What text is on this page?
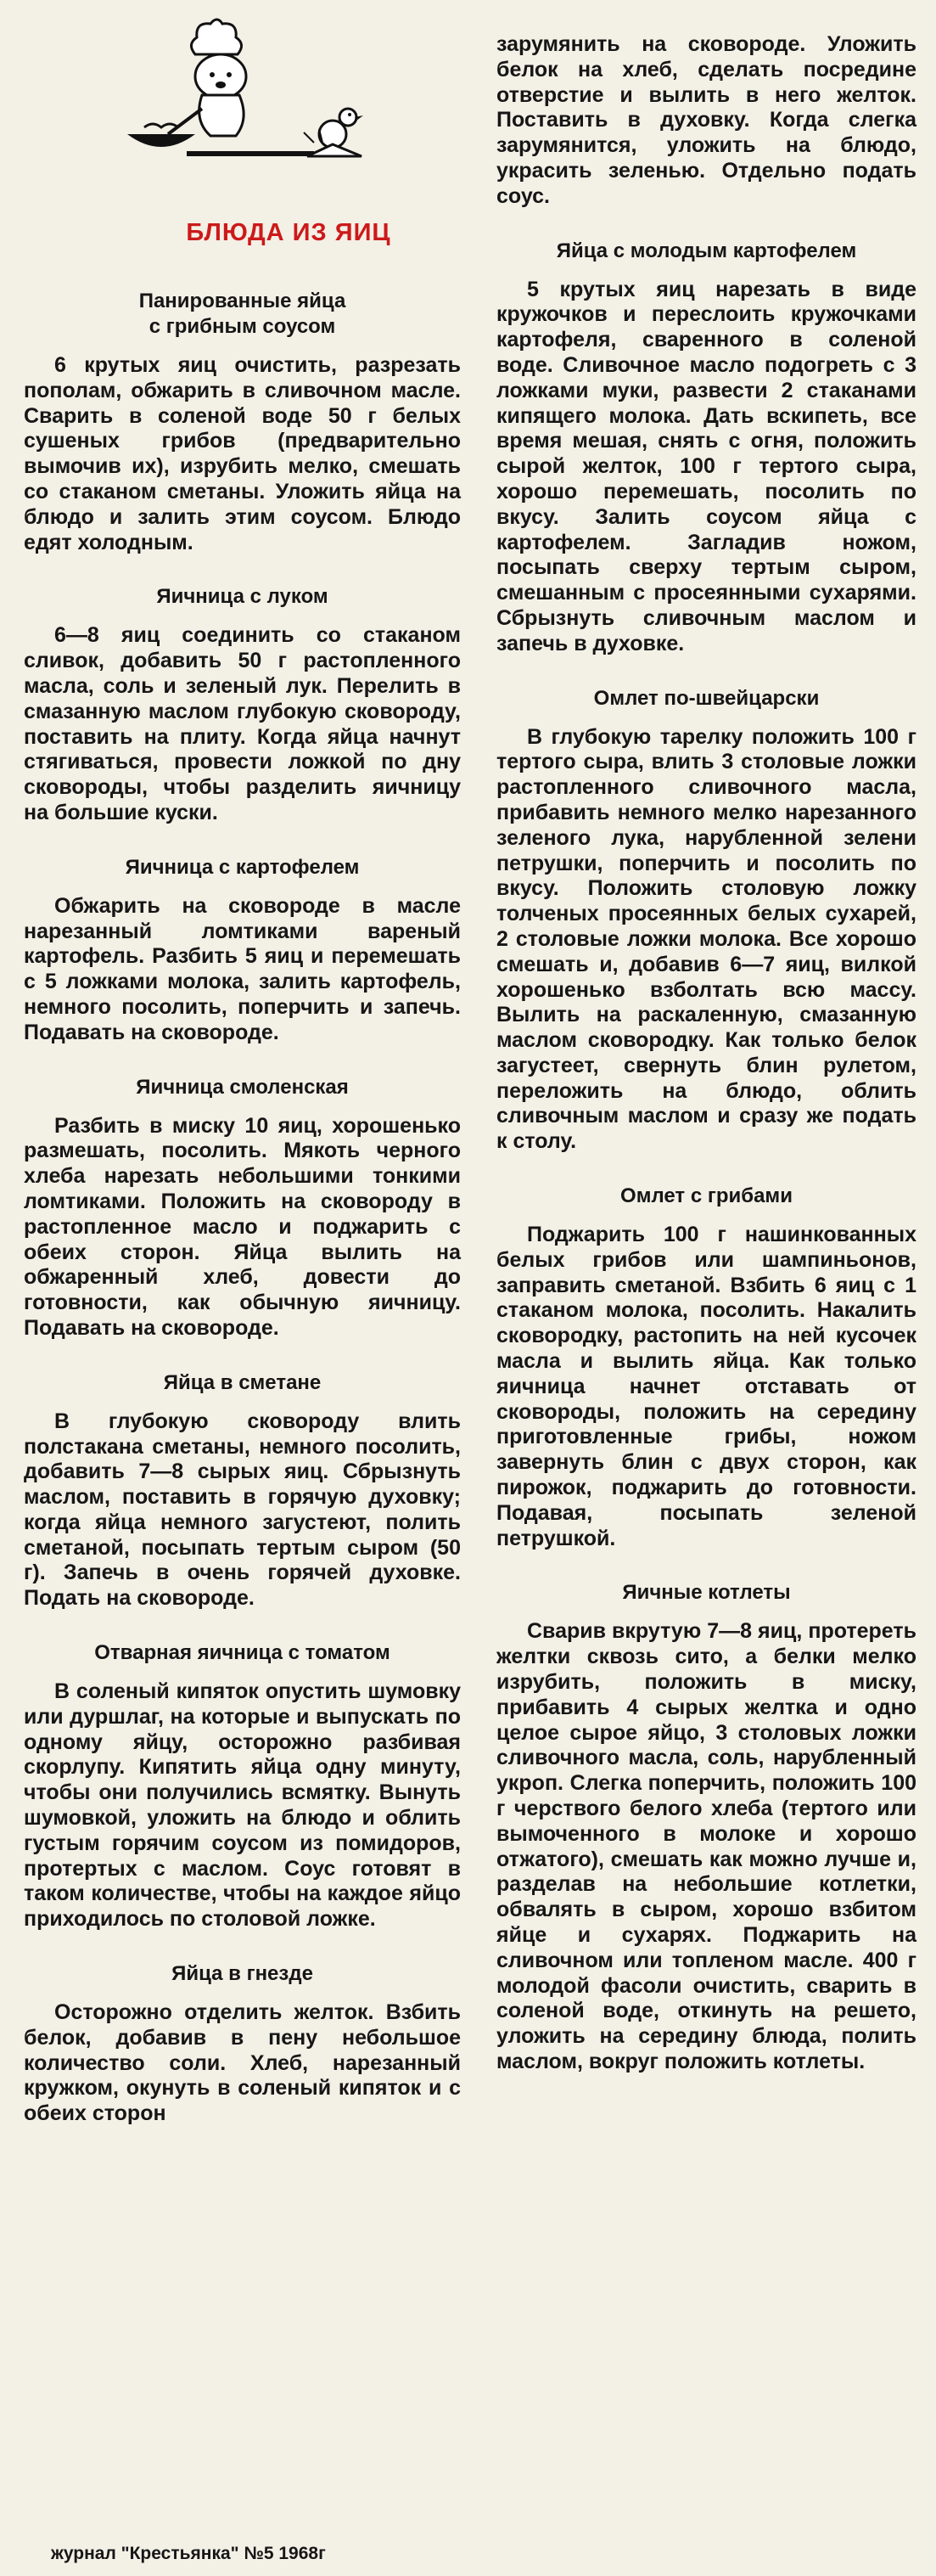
БЛЮДА ИЗ ЯИЦ
Панированные яйца
с грибным соусом

6 крутых яиц очистить, разрезать пополам, обжарить в сливочном масле. Сварить в соленой воде 50 г белых сушеных грибов (предварительно вымочив их), изрубить мелко, смешать со стаканом сметаны. Уложить яйца на блюдо и залить этим соусом. Блюдо едят холодным.

Яичница с луком

6—8 яиц соединить со стаканом сливок, добавить 50 г растопленного масла, соль и зеленый лук. Перелить в смазанную маслом глубокую сковороду, поставить на плиту. Когда яйца начнут стягиваться, провести ложкой по дну сковороды, чтобы разделить яичницу на большие куски.

Яичница с картофелем

Обжарить на сковороде в масле нарезанный ломтиками вареный картофель. Разбить 5 яиц и перемешать с 5 ложками молока, залить картофель, немного посолить, поперчить и запечь. Подавать на сковороде.

Яичница смоленская

Разбить в миску 10 яиц, хорошенько размешать, посолить. Мякоть черного хлеба нарезать небольшими тонкими ломтиками. Положить на сковороду в растопленное масло и поджарить с обеих сторон. Яйца вылить на обжаренный хлеб, довести до готовности, как обычную яичницу. Подавать на сковороде.

Яйца в сметане

В глубокую сковороду влить полстакана сметаны, немного посолить, добавить 7—8 сырых яиц. Сбрызнуть маслом, поставить в горячую духовку; когда яйца немного загустеют, полить сметаной, посыпать тертым сыром (50 г). Запечь в очень горячей духовке. Подать на сковороде.

Отварная яичница с томатом

В соленый кипяток опустить шумовку или дуршлаг, на которые и выпускать по одному яйцу, осторожно разбивая скорлупу. Кипятить яйца одну минуту, чтобы они получились всмятку. Вынуть шумовкой, уложить на блюдо и облить густым горячим соусом из помидоров, протертых с маслом. Соус готовят в таком количестве, чтобы на каждое яйцо приходилось по столовой ложке.

Яйца в гнезде

Осторожно отделить желток. Взбить белок, добавив в пену небольшое количество соли. Хлеб, нарезанный кружком, окунуть в соленый кипяток и с обеих сторон

зарумянить на сковороде. Уложить белок на хлеб, сделать посредине отверстие и вылить в него желток. Поставить в духовку. Когда слегка зарумянится, уложить на блюдо, украсить зеленью. Отдельно подать соус.

Яйца с молодым картофелем

5 крутых яиц нарезать в виде кружочков и переслоить кружочками картофеля, сваренного в соленой воде. Сливочное масло подогреть с 3 ложками муки, развести 2 стаканами кипящего молока. Дать вскипеть, все время мешая, снять с огня, положить сырой желток, 100 г тертого сыра, хорошо перемешать, посолить по вкусу. Залить соусом яйца с картофелем. Загладив ножом, посыпать сверху тертым сыром, смешанным с просеянными сухарями. Сбрызнуть сливочным маслом и запечь в духовке.

Омлет по-швейцарски

В глубокую тарелку положить 100 г тертого сыра, влить 3 столовые ложки растопленного сливочного масла, прибавить немного мелко нарезанного зеленого лука, нарубленной зелени петрушки, поперчить и посолить по вкусу. Положить столовую ложку толченых просеянных белых сухарей, 2 столовые ложки молока. Все хорошо смешать и, добавив 6—7 яиц, вилкой хорошенько взболтать всю массу. Вылить на раскаленную, смазанную маслом сковородку. Как только белок загустеет, свернуть блин рулетом, переложить на блюдо, облить сливочным маслом и сразу же подать к столу.

Омлет с грибами

Поджарить 100 г нашинкованных белых грибов или шампиньонов, заправить сметаной. Взбить 6 яиц с 1 стаканом молока, посолить. Накалить сковородку, растопить на ней кусочек масла и вылить яйца. Как только яичница начнет отставать от сковороды, положить на середину приготовленные грибы, ножом завернуть блин с двух сторон, как пирожок, поджарить до готовности. Подавая, посыпать зеленой петрушкой.

Яичные котлеты

Сварив вкрутую 7—8 яиц, протереть желтки сквозь сито, а белки мелко изрубить, положить в миску, прибавить 4 сырых желтка и одно целое сырое яйцо, 3 столовых ложки сливочного масла, соль, нарубленный укроп. Слегка поперчить, положить 100 г черствого белого хлеба (тертого или вымоченного в молоке и хорошо отжатого), смешать как можно лучше и, разделав на небольшие котлетки, обвалять в сыром, хорошо взбитом яйце и сухарях. Поджарить на сливочном или топленом масле. 400 г молодой фасоли очистить, сварить в соленой воде, откинуть на решето, уложить на середину блюда, полить маслом, вокруг положить котлеты.

журнал "Крестьянка" №5 1968г
